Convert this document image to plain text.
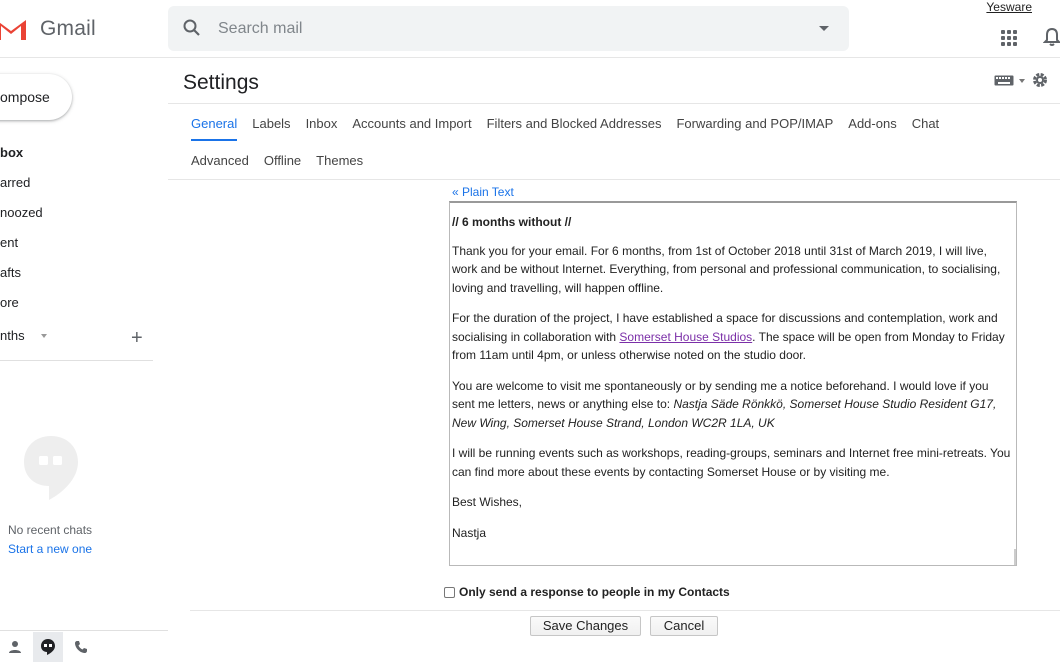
Gmail	Search mail
Yesware
ompose
box
arred
noozed
ent
afts
ore
nths	+
No recent chats
Start a new one
Settings
General Labels Inbox Accounts and Import Filters and Blocked Addresses Forwarding and POP/IMAP Add-ons Chat
Advanced Offline Themes
« Plain Text

// 6 months without //

Thank you for your email. For 6 months, from 1st of October 2018 until 31st of March 2019, I will live, work and be without Internet. Everything, from personal and professional communication, to socialising, loving and travelling, will happen offline.

For the duration of the project, I have established a space for discussions and contemplation, work and socialising in collaboration with Somerset House Studios. The space will be open from Monday to Friday from 11am until 4pm, or unless otherwise noted on the studio door.

You are welcome to visit me spontaneously or by sending me a notice beforehand. I would love if you sent me letters, news or anything else to: Nastja Säde Rönkkö, Somerset House Studio Resident G17, New Wing, Somerset House Strand, London WC2R 1LA, UK

I will be running events such as workshops, reading-groups, seminars and Internet free mini-retreats. You can find more about these events by contacting Somerset House or by visiting me.

Best Wishes,

Nastja

Only send a response to people in my Contacts
Save Changes	Cancel
